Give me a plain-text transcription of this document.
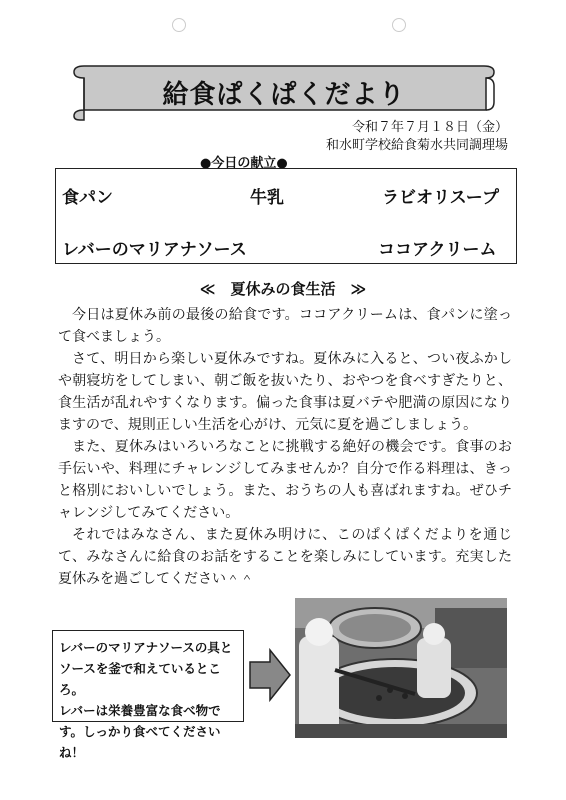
給食ぱくぱくだより
令和７年７月１８日（金）
和水町学校給食菊水共同調理場
●今日の献立●
食パン	牛乳	ラビオリスープ
レバーのマリアナソース	ココアクリーム
≪　夏休みの食生活　≫

今日は夏休み前の最後の給食です。ココアクリームは、食パンに塗って食べましょう。

さて、明日から楽しい夏休みですね。夏休みに入ると、つい夜ふかしや朝寝坊をしてしまい、朝ご飯を抜いたり、おやつを食べすぎたりと、食生活が乱れやすくなります。偏った食事は夏バテや肥満の原因になりますので、規則正しい生活を心がけ、元気に夏を過ごしましょう。

また、夏休みはいろいろなことに挑戦する絶好の機会です。食事のお手伝いや、料理にチャレンジしてみませんか？自分で作る料理は、きっと格別においしいでしょう。また、おうちの人も喜ばれますね。ぜひチャレンジしてみてください。

それではみなさん、また夏休み明けに、このぱくぱくだよりを通じて、みなさんに給食のお話をすることを楽しみにしています。充実した夏休みを過ごしてください＾＾

レバーのマリアナソースの具と
ソースを釜で和えているところ。
レバーは栄養豊富な食べ物で
す。しっかり食べてくださいね！
